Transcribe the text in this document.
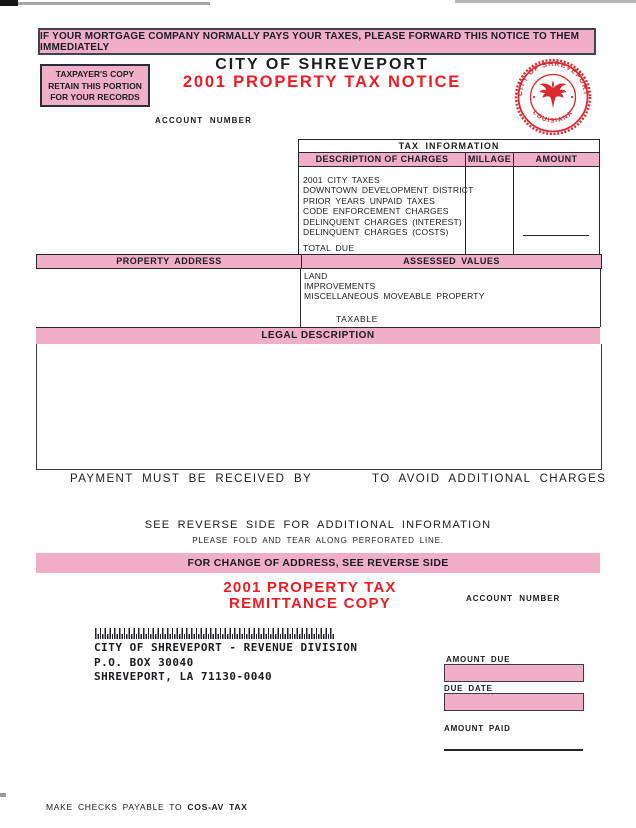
IF YOUR MORTGAGE COMPANY NORMALLY PAYS YOUR TAXES, PLEASE FORWARD THIS NOTICE TO THEM IMMEDIATELY
TAXPAYER'S COPY
RETAIN THIS PORTION
FOR YOUR RECORDS
CITY OF SHREVEPORT
2001 PROPERTY TAX NOTICE
ACCOUNT NUMBER
CITY OF SHREVEPORT
LOUISIANA
TAX INFORMATION
DESCRIPTION OF CHARGES	MILLAGE	AMOUNT
2001 CITY TAXES
DOWNTOWN DEVELOPMENT DISTRICT
PRIOR YEARS UNPAID TAXES
CODE ENFORCEMENT CHARGES
DELINQUENT CHARGES (INTEREST)
DELINQUENT CHARGES (COSTS)
TOTAL DUE
PROPERTY ADDRESS	ASSESSED VALUES
LAND
IMPROVEMENTS
MISCELLANEOUS MOVEABLE PROPERTY
TAXABLE
LEGAL DESCRIPTION
PAYMENT MUST BE RECEIVED BY	TO AVOID ADDITIONAL CHARGES
SEE REVERSE SIDE FOR ADDITIONAL INFORMATION
PLEASE FOLD AND TEAR ALONG PERFORATED LINE.
FOR CHANGE OF ADDRESS, SEE REVERSE SIDE
2001 PROPERTY TAX
REMITTANCE COPY	ACCOUNT NUMBER
CITY OF SHREVEPORT - REVENUE DIVISION
P.O. BOX 30040
SHREVEPORT, LA 71130-0040
AMOUNT DUE
DUE DATE
AMOUNT PAID
MAKE CHECKS PAYABLE TO COS-AV TAX
